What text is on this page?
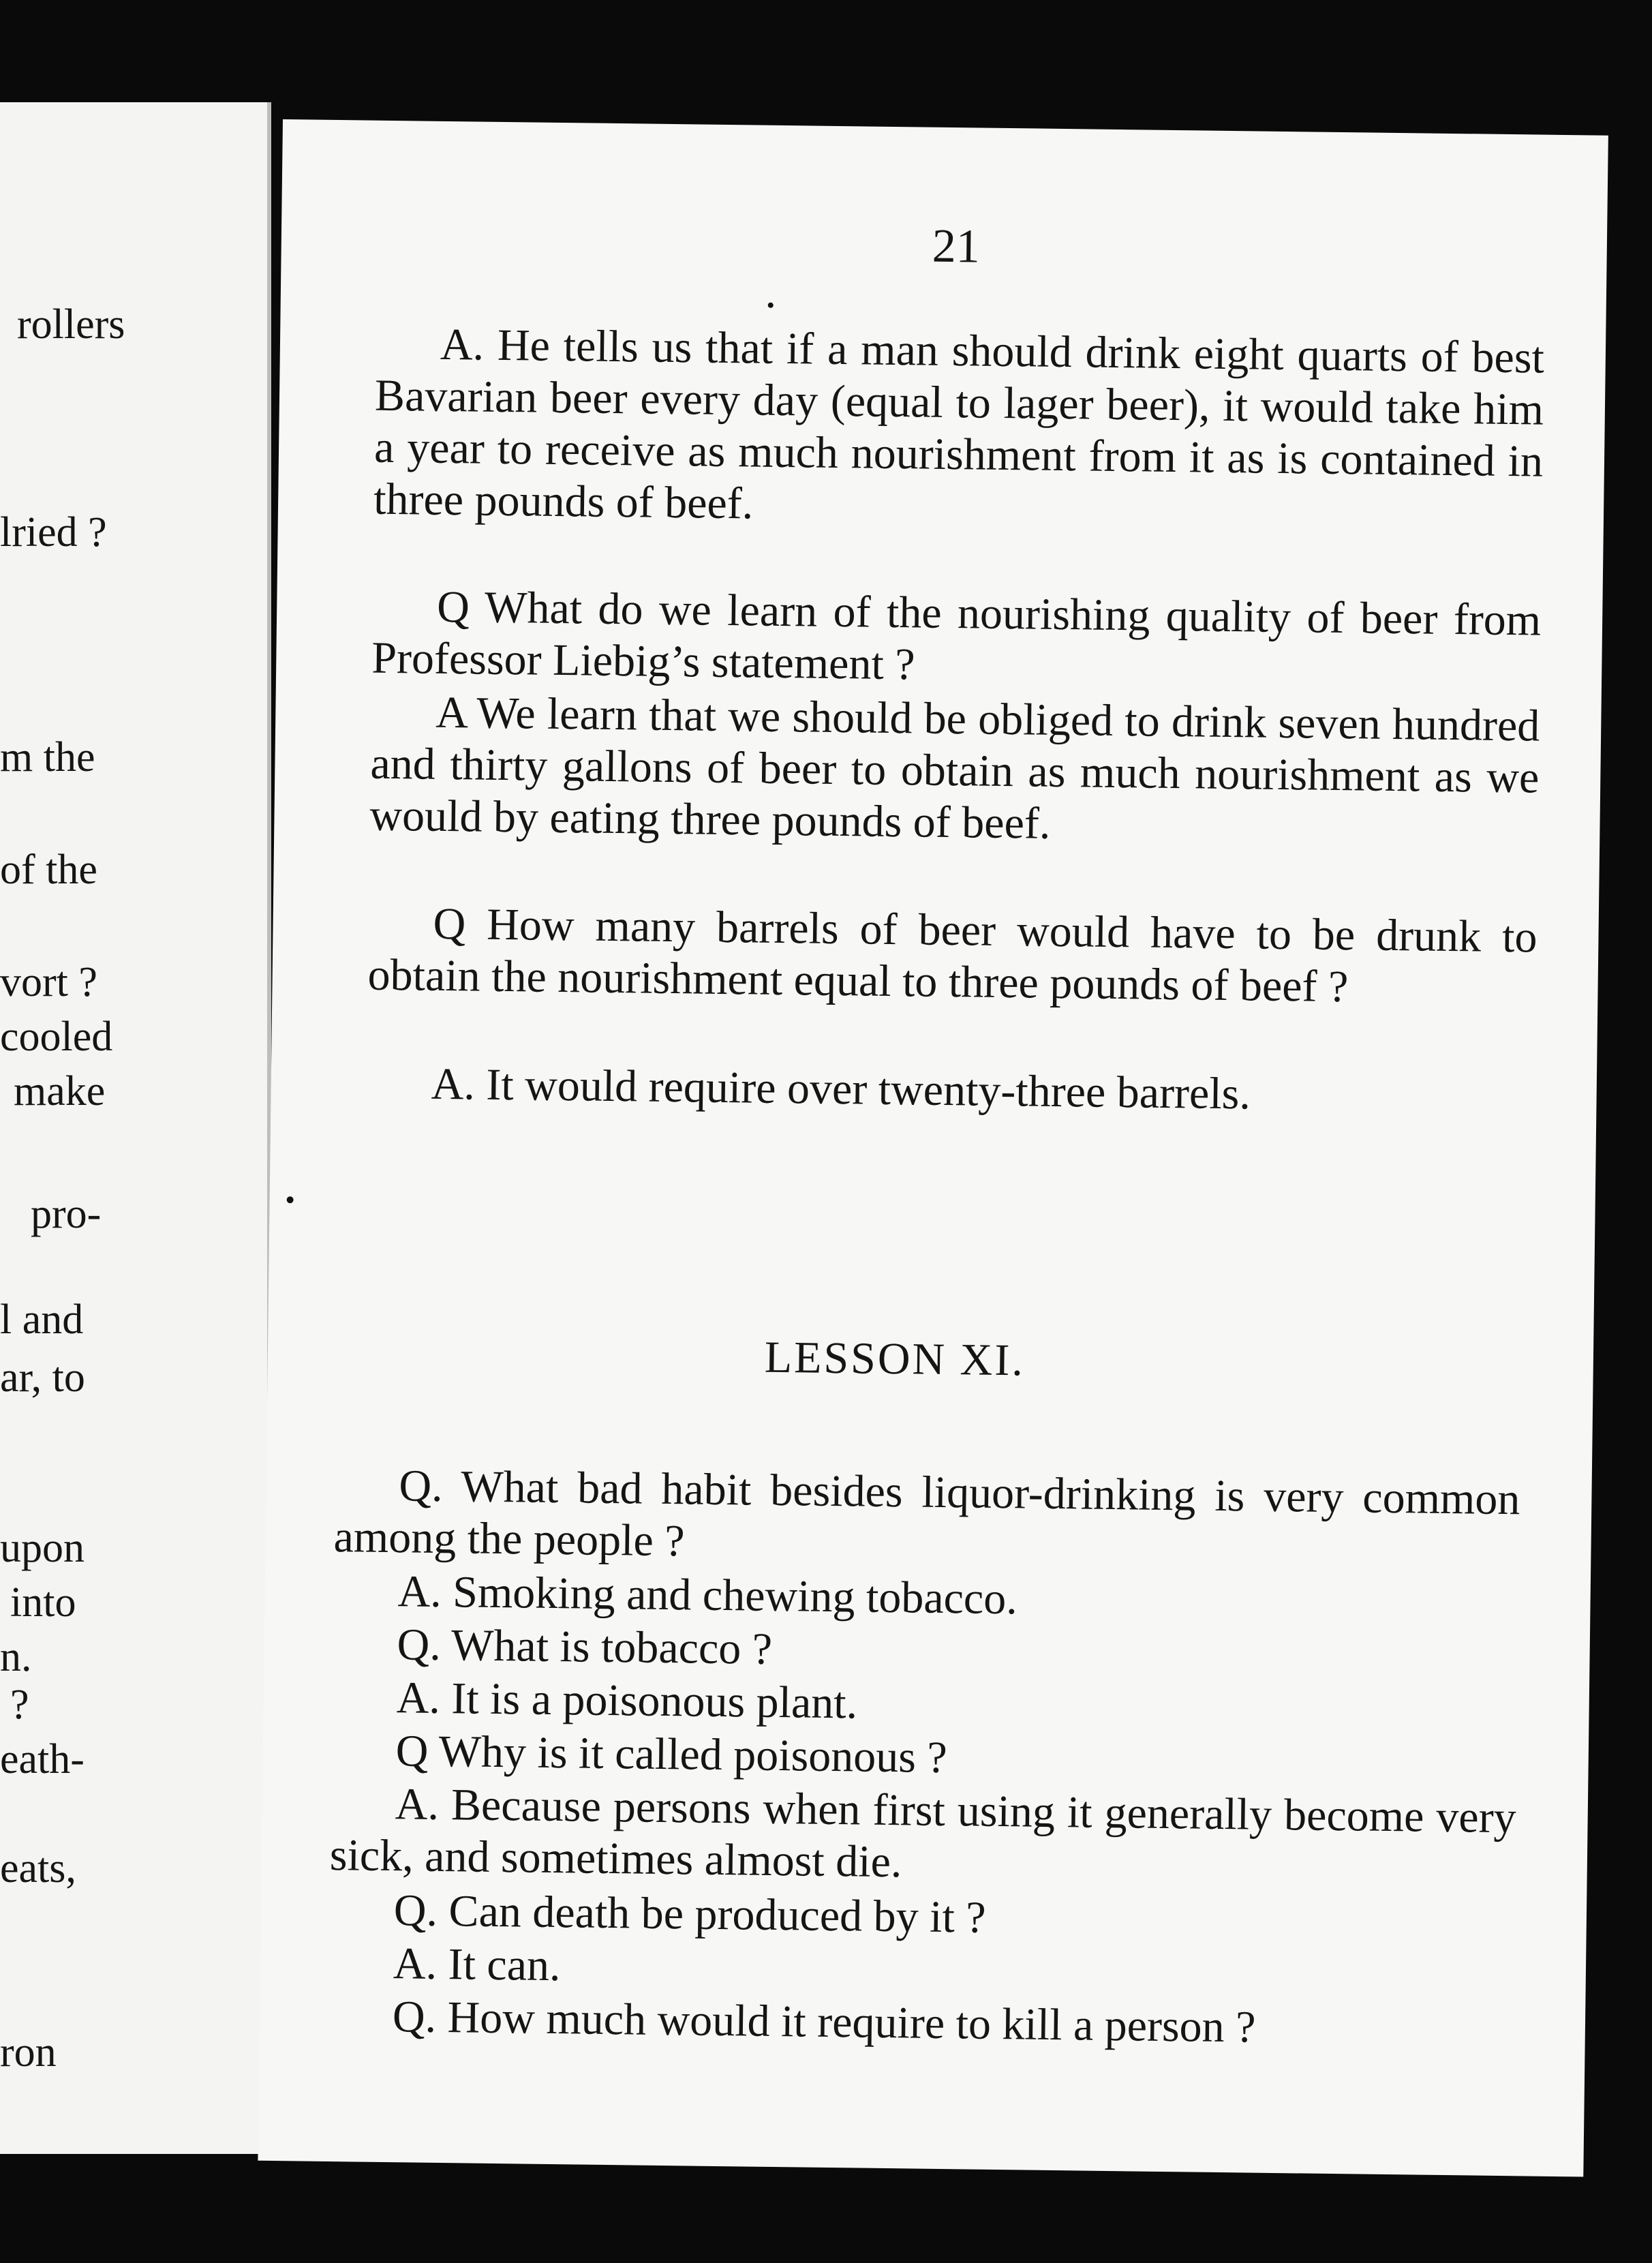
rollers

lried ?

m the

of the

vort ?

cooled

make

pro-

l and

ar, to

upon

into

n.

?

eath-

eats,

ron

21

A. He tells us that if a man should drink eight quarts of best Bavarian beer every day (equal to lager beer), it would take him a year to receive as much nourishment from it as is contained in three pounds of beef.

Q What do we learn of the nourishing quality of beer from Professor Liebig’s statement ?

A We learn that we should be obliged to drink seven hundred and thirty gallons of beer to obtain as much nourishment as we would by eating three pounds of beef.

Q How many barrels of beer would have to be drunk to obtain the nourishment equal to three pounds of beef ?

A. It would require over twenty-three barrels.

LESSON XI.

Q. What bad habit besides liquor-drinking is very common among the people ?

A. Smoking and chewing tobacco.

Q. What is tobacco ?

A. It is a poisonous plant.

Q Why is it called poisonous ?

A. Because persons when first using it generally become very sick, and sometimes almost die.

Q. Can death be produced by it ?

A. It can.

Q. How much would it require to kill a person ?
